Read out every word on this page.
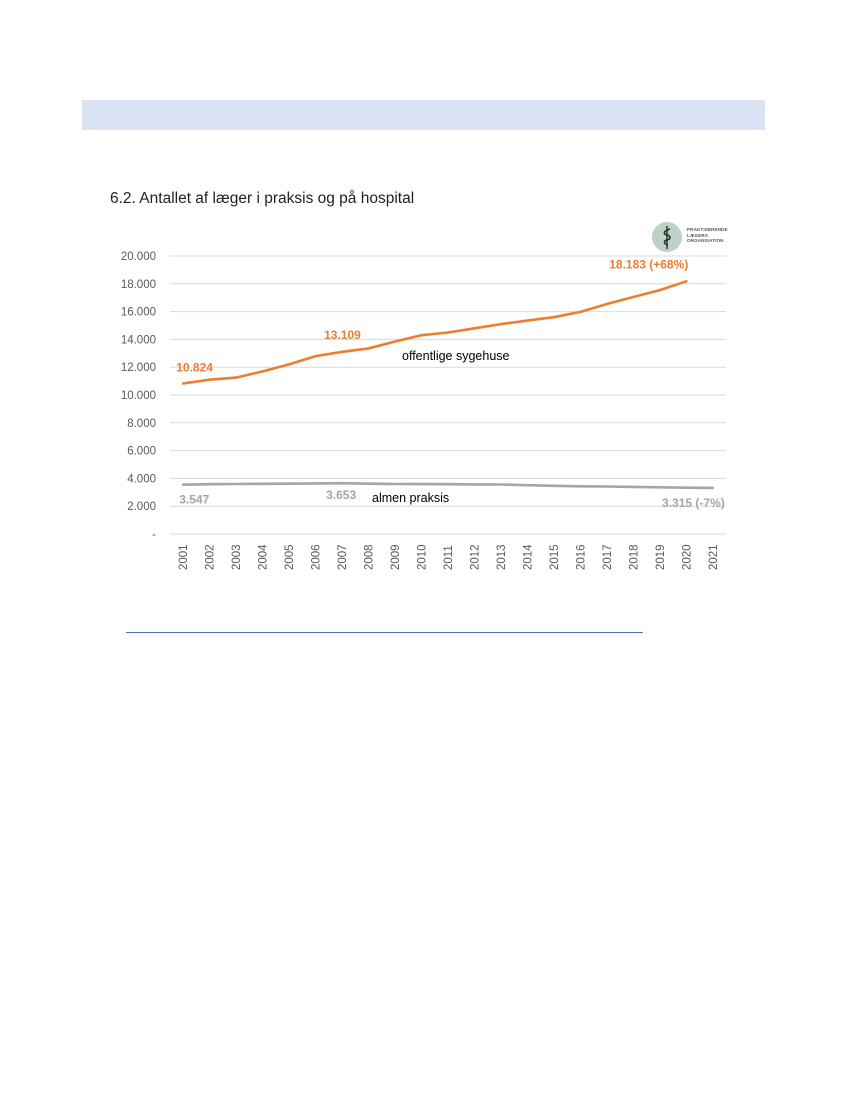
6.2. Antallet af læger i praksis og på hospital
PRAKTISERENDE
LÆGERS
ORGANISATION
-
2.000
4.000
6.000
8.000
10.000
12.000
14.000
16.000
18.000
20.000
2001 2002 2003 2004 2005 2006 2007 2008 2009 2010 2011 2012 2013 2014 2015 2016 2017 2018 2019 2020 2021
10.824
13.109
18.183 (+68%)
3.547	3.653
3.315 (-7%)
offentlige sygehuse
almen praksis
